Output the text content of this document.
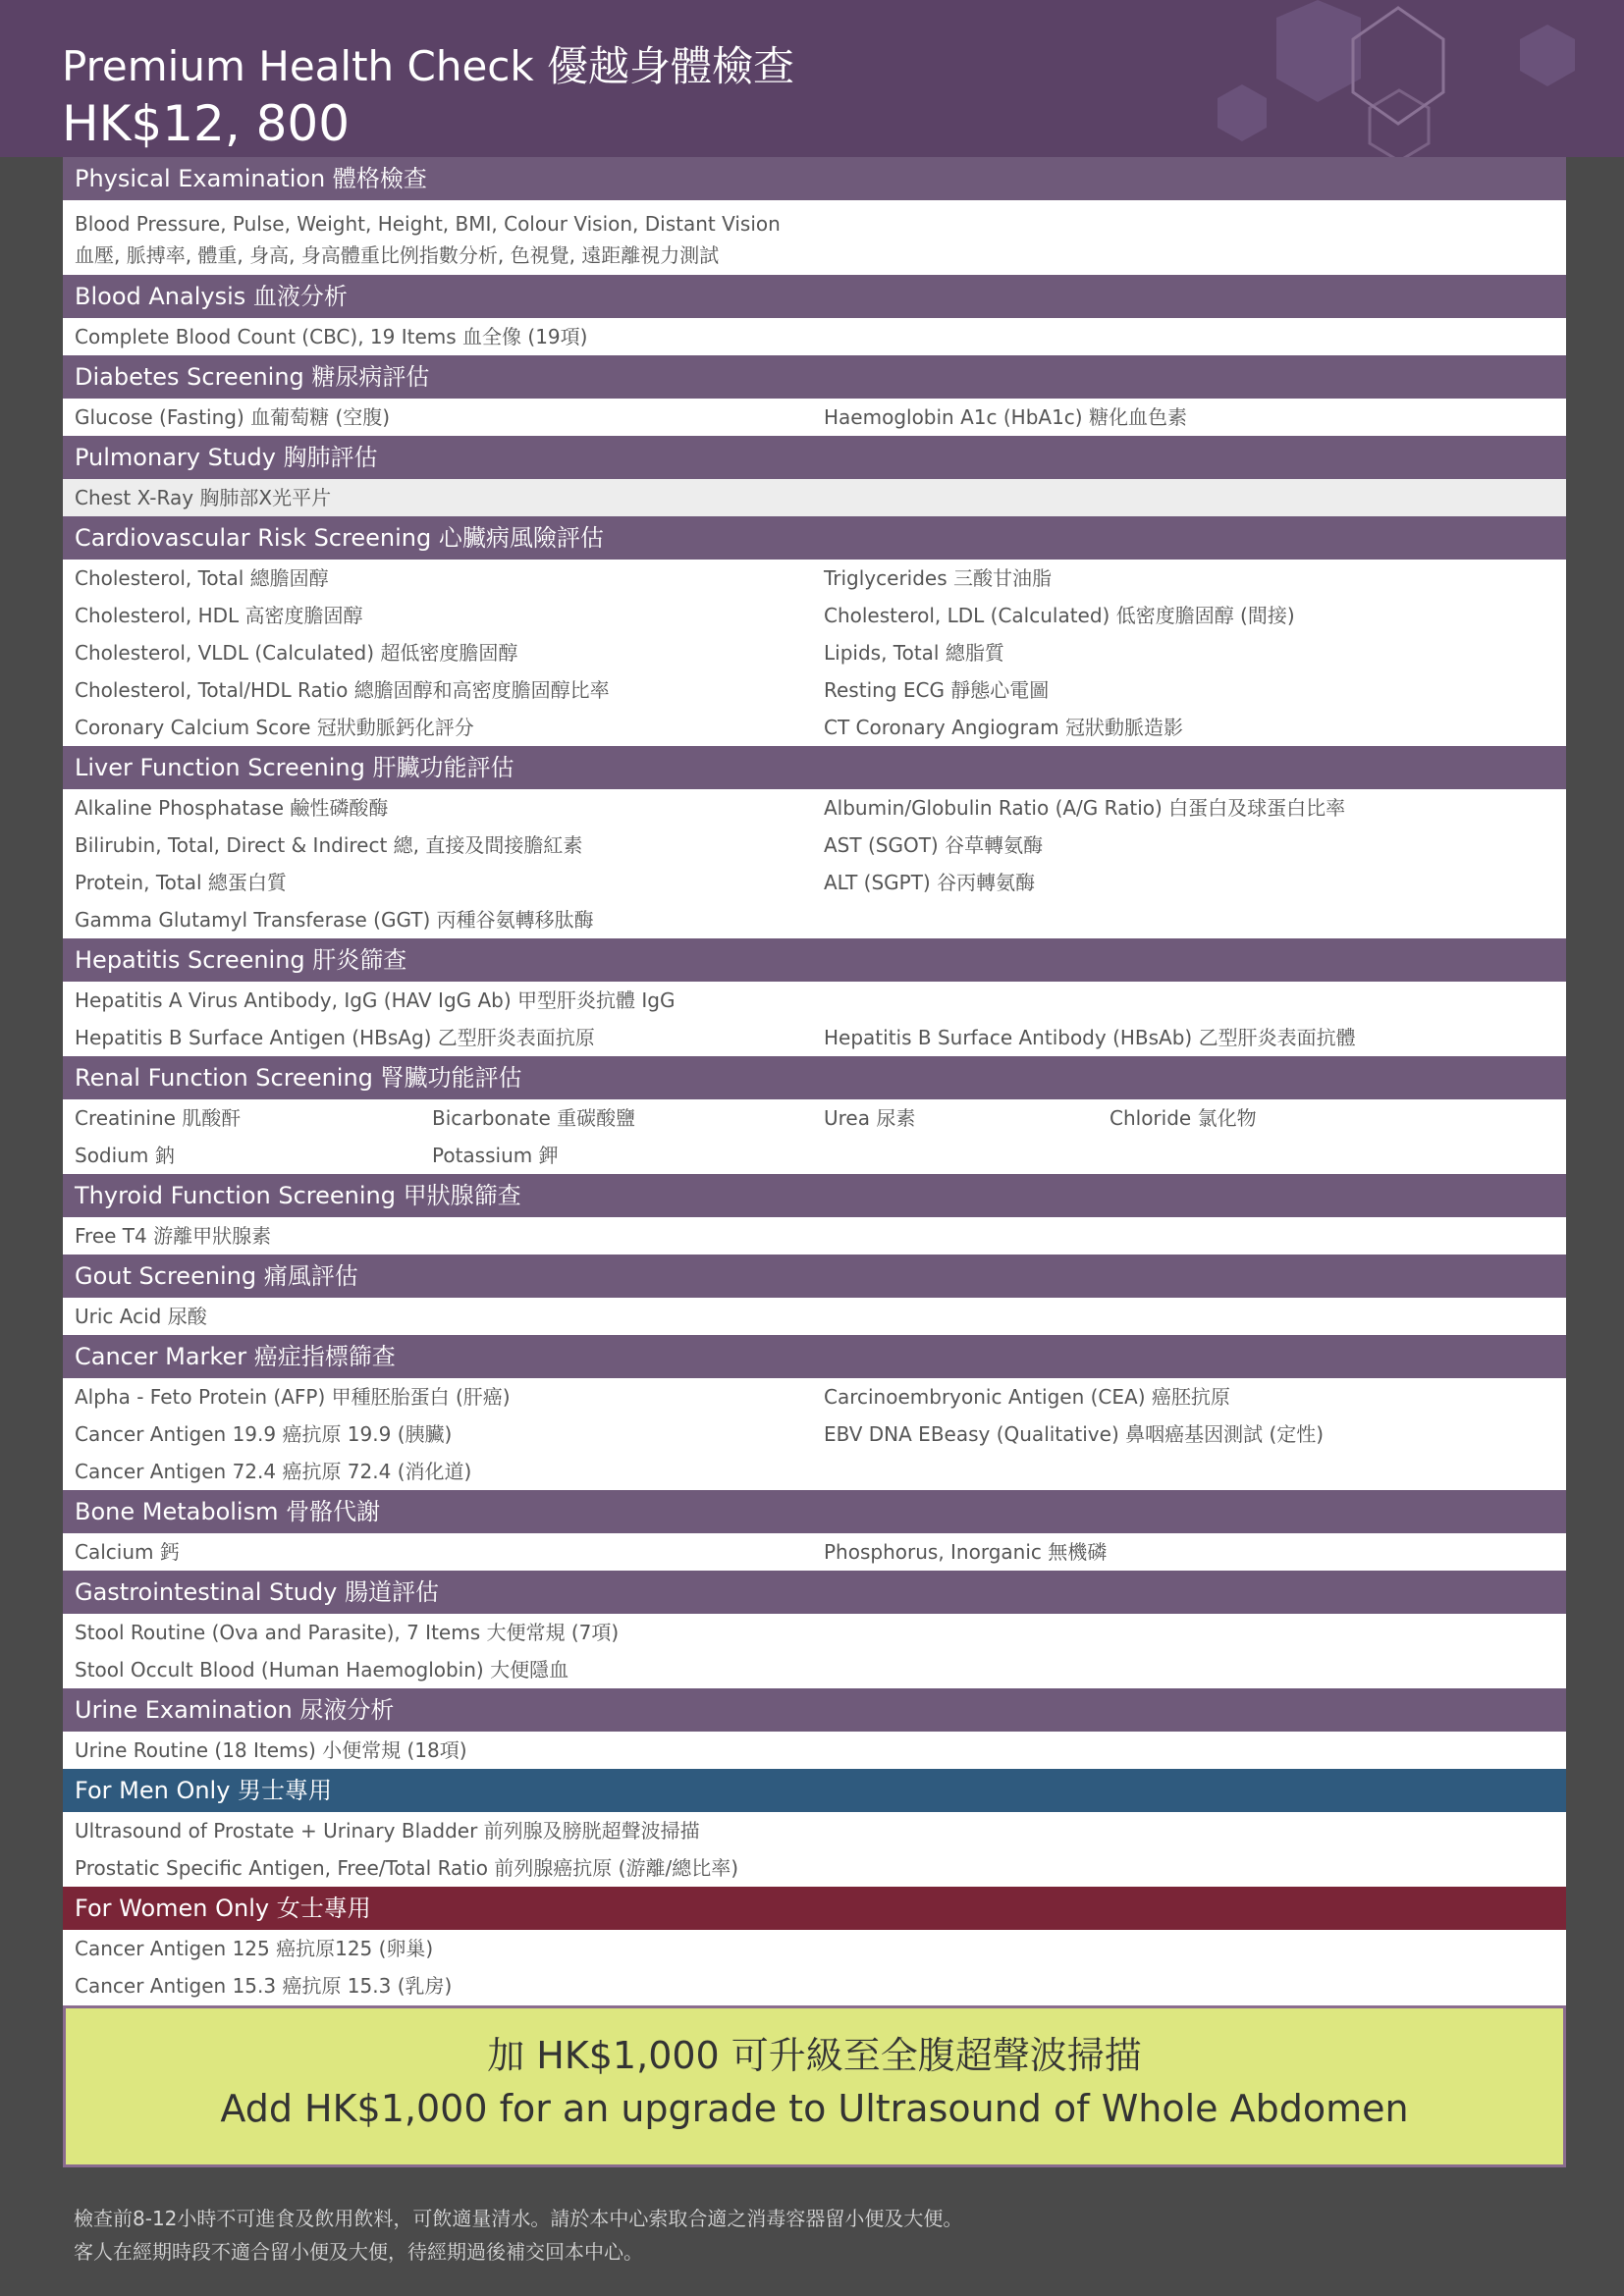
Premium Health Check 優越身體檢查
HK$12, 800
Physical Examination 體格檢查
Blood Pressure, Pulse, Weight, Height, BMI, Colour Vision, Distant Vision
血壓, 脈搏率, 體重, 身高, 身高體重比例指數分析, 色視覺, 遠距離視力測試
Blood Analysis 血液分析
Complete Blood Count (CBC), 19 Items 血全像 (19項)
Diabetes Screening 糖尿病評估
Glucose (Fasting) 血葡萄糖 (空腹)	Haemoglobin A1c (HbA1c) 糖化血色素
Pulmonary Study 胸肺評估
Chest X-Ray 胸肺部X光平片
Cardiovascular Risk Screening 心臟病風險評估
Cholesterol, Total 總膽固醇	Triglycerides 三酸甘油脂
Cholesterol, HDL 高密度膽固醇	Cholesterol, LDL (Calculated) 低密度膽固醇 (間接)
Cholesterol, VLDL (Calculated) 超低密度膽固醇	Lipids, Total 總脂質
Cholesterol, Total/HDL Ratio 總膽固醇和高密度膽固醇比率	Resting ECG 靜態心電圖
Coronary Calcium Score 冠狀動脈鈣化評分	CT Coronary Angiogram 冠狀動脈造影
Liver Function Screening 肝臟功能評估
Alkaline Phosphatase 鹼性磷酸酶	Albumin/Globulin Ratio (A/G Ratio) 白蛋白及球蛋白比率
Bilirubin, Total, Direct & Indirect 總, 直接及間接膽紅素	AST (SGOT) 谷草轉氨酶
Protein, Total 總蛋白質	ALT (SGPT) 谷丙轉氨酶
Gamma Glutamyl Transferase (GGT) 丙種谷氨轉移肽酶
Hepatitis Screening 肝炎篩查
Hepatitis A Virus Antibody, IgG (HAV IgG Ab) 甲型肝炎抗體 IgG
Hepatitis B Surface Antigen (HBsAg) 乙型肝炎表面抗原	Hepatitis B Surface Antibody (HBsAb) 乙型肝炎表面抗體
Renal Function Screening 腎臟功能評估
Creatinine 肌酸酐	Bicarbonate 重碳酸鹽	Urea 尿素	Chloride 氯化物
Sodium 鈉	Potassium 鉀
Thyroid Function Screening 甲狀腺篩查
Free T4 游離甲狀腺素
Gout Screening 痛風評估
Uric Acid 尿酸
Cancer Marker 癌症指標篩查
Alpha - Feto Protein (AFP) 甲種胚胎蛋白 (肝癌)	Carcinoembryonic Antigen (CEA) 癌胚抗原
Cancer Antigen 19.9 癌抗原 19.9 (胰臟)	EBV DNA EBeasy (Qualitative) 鼻咽癌基因測試 (定性)
Cancer Antigen 72.4 癌抗原 72.4 (消化道)
Bone Metabolism 骨骼代謝
Calcium 鈣	Phosphorus, Inorganic 無機磷
Gastrointestinal Study 腸道評估
Stool Routine (Ova and Parasite), 7 Items 大便常規 (7項)
Stool Occult Blood (Human Haemoglobin) 大便隱血
Urine Examination 尿液分析
Urine Routine (18 Items) 小便常規 (18項)
For Men Only 男士專用
Ultrasound of Prostate + Urinary Bladder 前列腺及膀胱超聲波掃描
Prostatic Specific Antigen, Free/Total Ratio 前列腺癌抗原 (游離/總比率)
For Women Only 女士專用
Cancer Antigen 125 癌抗原125 (卵巢)
Cancer Antigen 15.3 癌抗原 15.3 (乳房)
加 HK$1,000 可升級至全腹超聲波掃描
Add HK$1,000 for an upgrade to Ultrasound of Whole Abdomen
檢查前8-12小時不可進食及飲用飲料，可飲適量清水。請於本中心索取合適之消毒容器留小便及大便。
客人在經期時段不適合留小便及大便，待經期過後補交回本中心。
